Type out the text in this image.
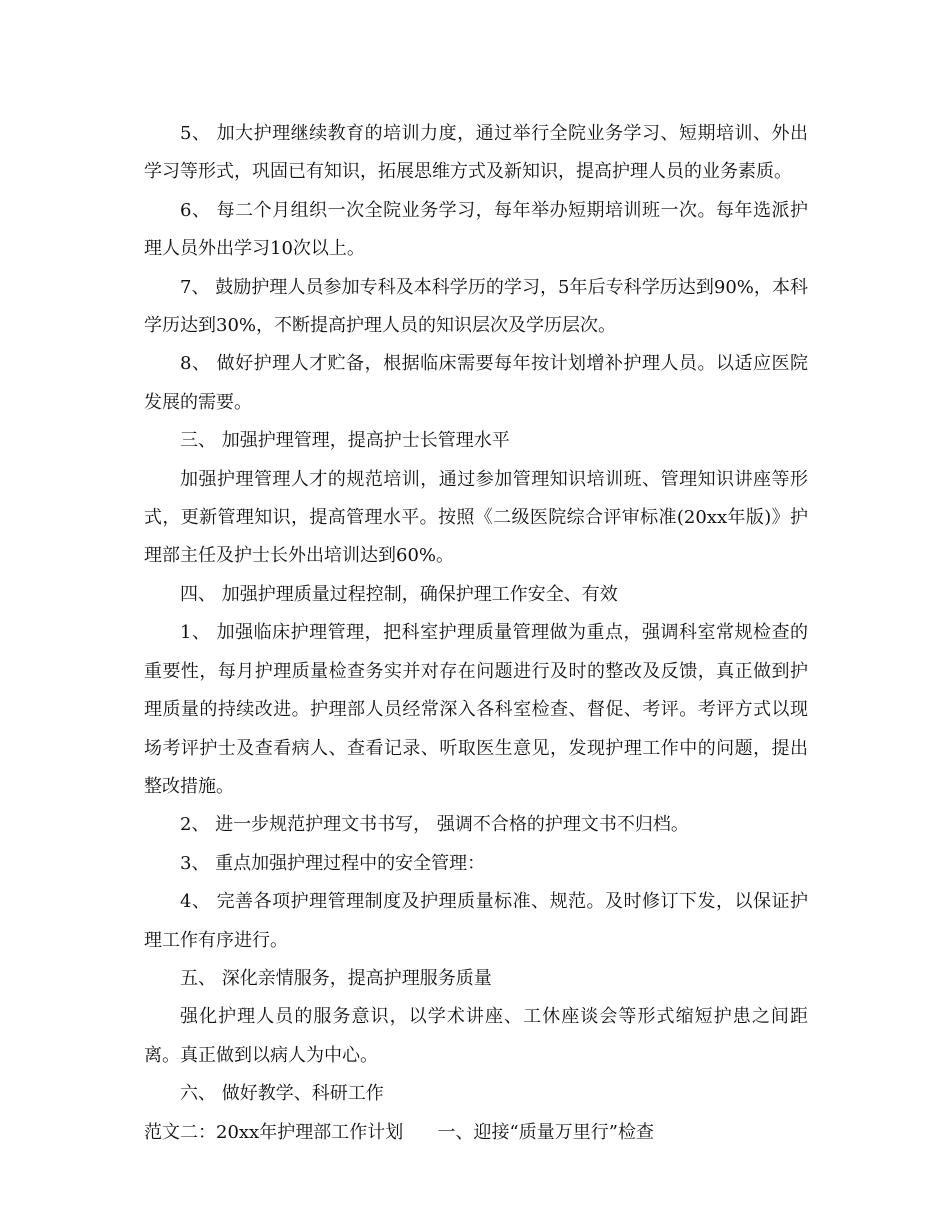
5、 加大护理继续教育的培训力度，通过举行全院业务学习、短期培训、外出学习等形式，巩固已有知识，拓展思维方式及新知识，提高护理人员的业务素质。

6、 每二个月组织一次全院业务学习，每年举办短期培训班一次。每年选派护理人员外出学习10次以上。

7、 鼓励护理人员参加专科及本科学历的学习，5年后专科学历达到90%，本科学历达到30%，不断提高护理人员的知识层次及学历层次。

8、 做好护理人才贮备，根据临床需要每年按计划增补护理人员。以适应医院发展的需要。

三、 加强护理管理，提高护士长管理水平

加强护理管理人才的规范培训，通过参加管理知识培训班、管理知识讲座等形式，更新管理知识，提高管理水平。按照《二级医院综合评审标准(20xx年版)》护理部主任及护士长外出培训达到60%。

四、 加强护理质量过程控制，确保护理工作安全、有效

1、 加强临床护理管理，把科室护理质量管理做为重点，强调科室常规检查的重要性，每月护理质量检查务实并对存在问题进行及时的整改及反馈，真正做到护理质量的持续改进。护理部人员经常深入各科室检查、督促、考评。考评方式以现场考评护士及查看病人、查看记录、听取医生意见，发现护理工作中的问题，提出整改措施。

2、 进一步规范护理文书书写， 强调不合格的护理文书不归档。

3、 重点加强护理过程中的安全管理：

4、 完善各项护理管理制度及护理质量标准、规范。及时修订下发，以保证护理工作有序进行。

五、 深化亲情服务，提高护理服务质量

强化护理人员的服务意识，以学术讲座、工休座谈会等形式缩短护患之间距离。真正做到以病人为中心。

六、 做好教学、科研工作

范文二：20xx年护理部工作计划      一、迎接“质量万里行”检查
